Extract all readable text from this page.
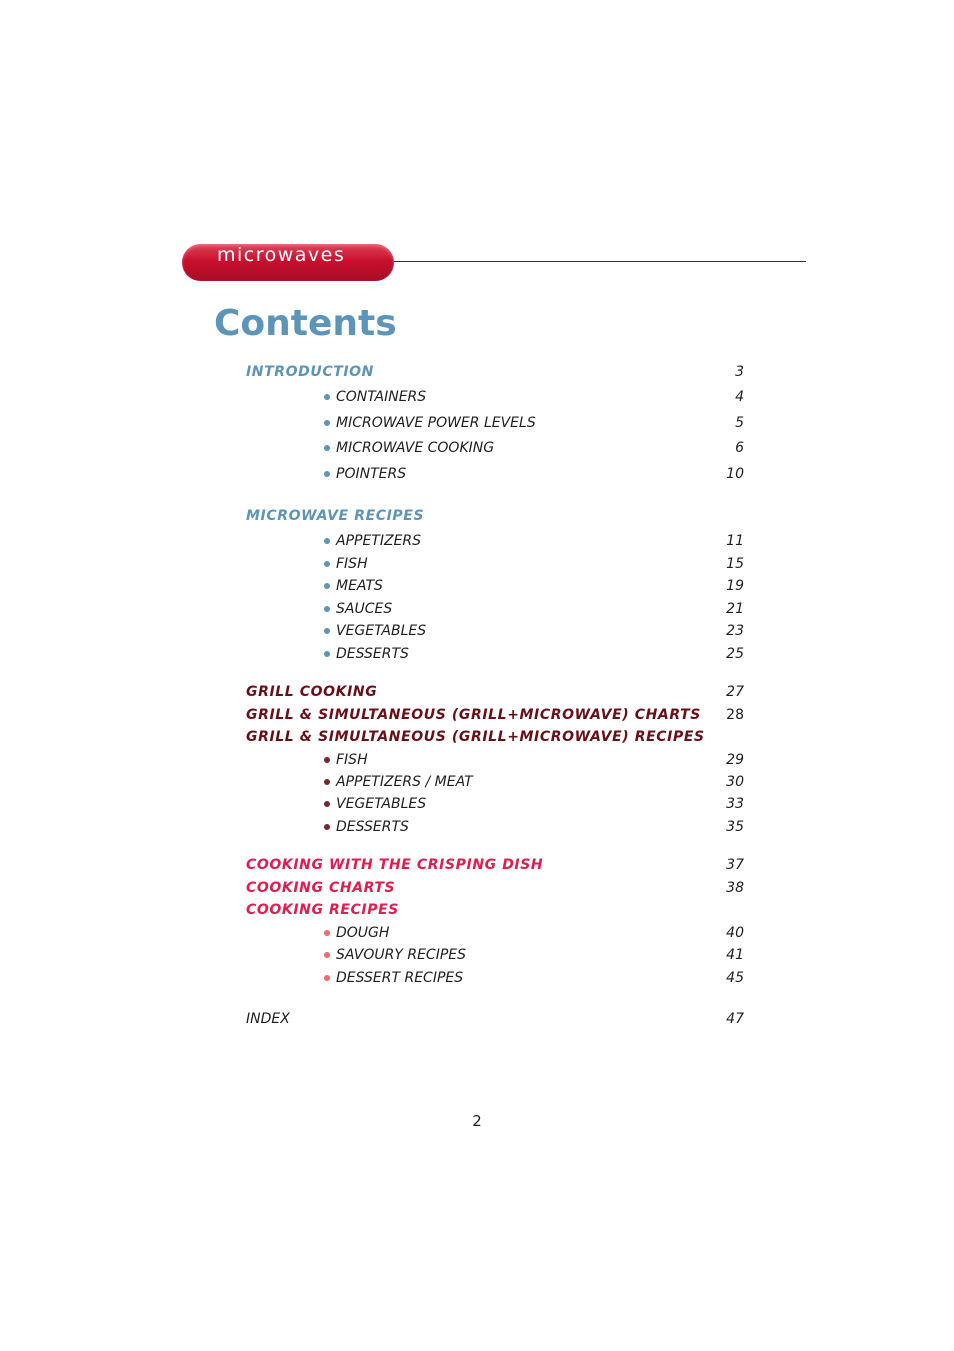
microwaves
Contents
INTRODUCTION	3
CONTAINERS	4
MICROWAVE POWER LEVELS	5
MICROWAVE COOKING	6
POINTERS	10
MICROWAVE RECIPES
APPETIZERS	11
FISH	15
MEATS	19
SAUCES	21
VEGETABLES	23
DESSERTS	25
GRILL COOKING	27
GRILL & SIMULTANEOUS (GRILL+MICROWAVE) CHARTS 28
GRILL & SIMULTANEOUS (GRILL+MICROWAVE) RECIPES
FISH	29
APPETIZERS / MEAT	30
VEGETABLES	33
DESSERTS	35
COOKING WITH THE CRISPING DISH	37
COOKING CHARTS	38
COOKING RECIPES
DOUGH	40
SAVOURY RECIPES	41
DESSERT RECIPES	45
INDEX	47
2
